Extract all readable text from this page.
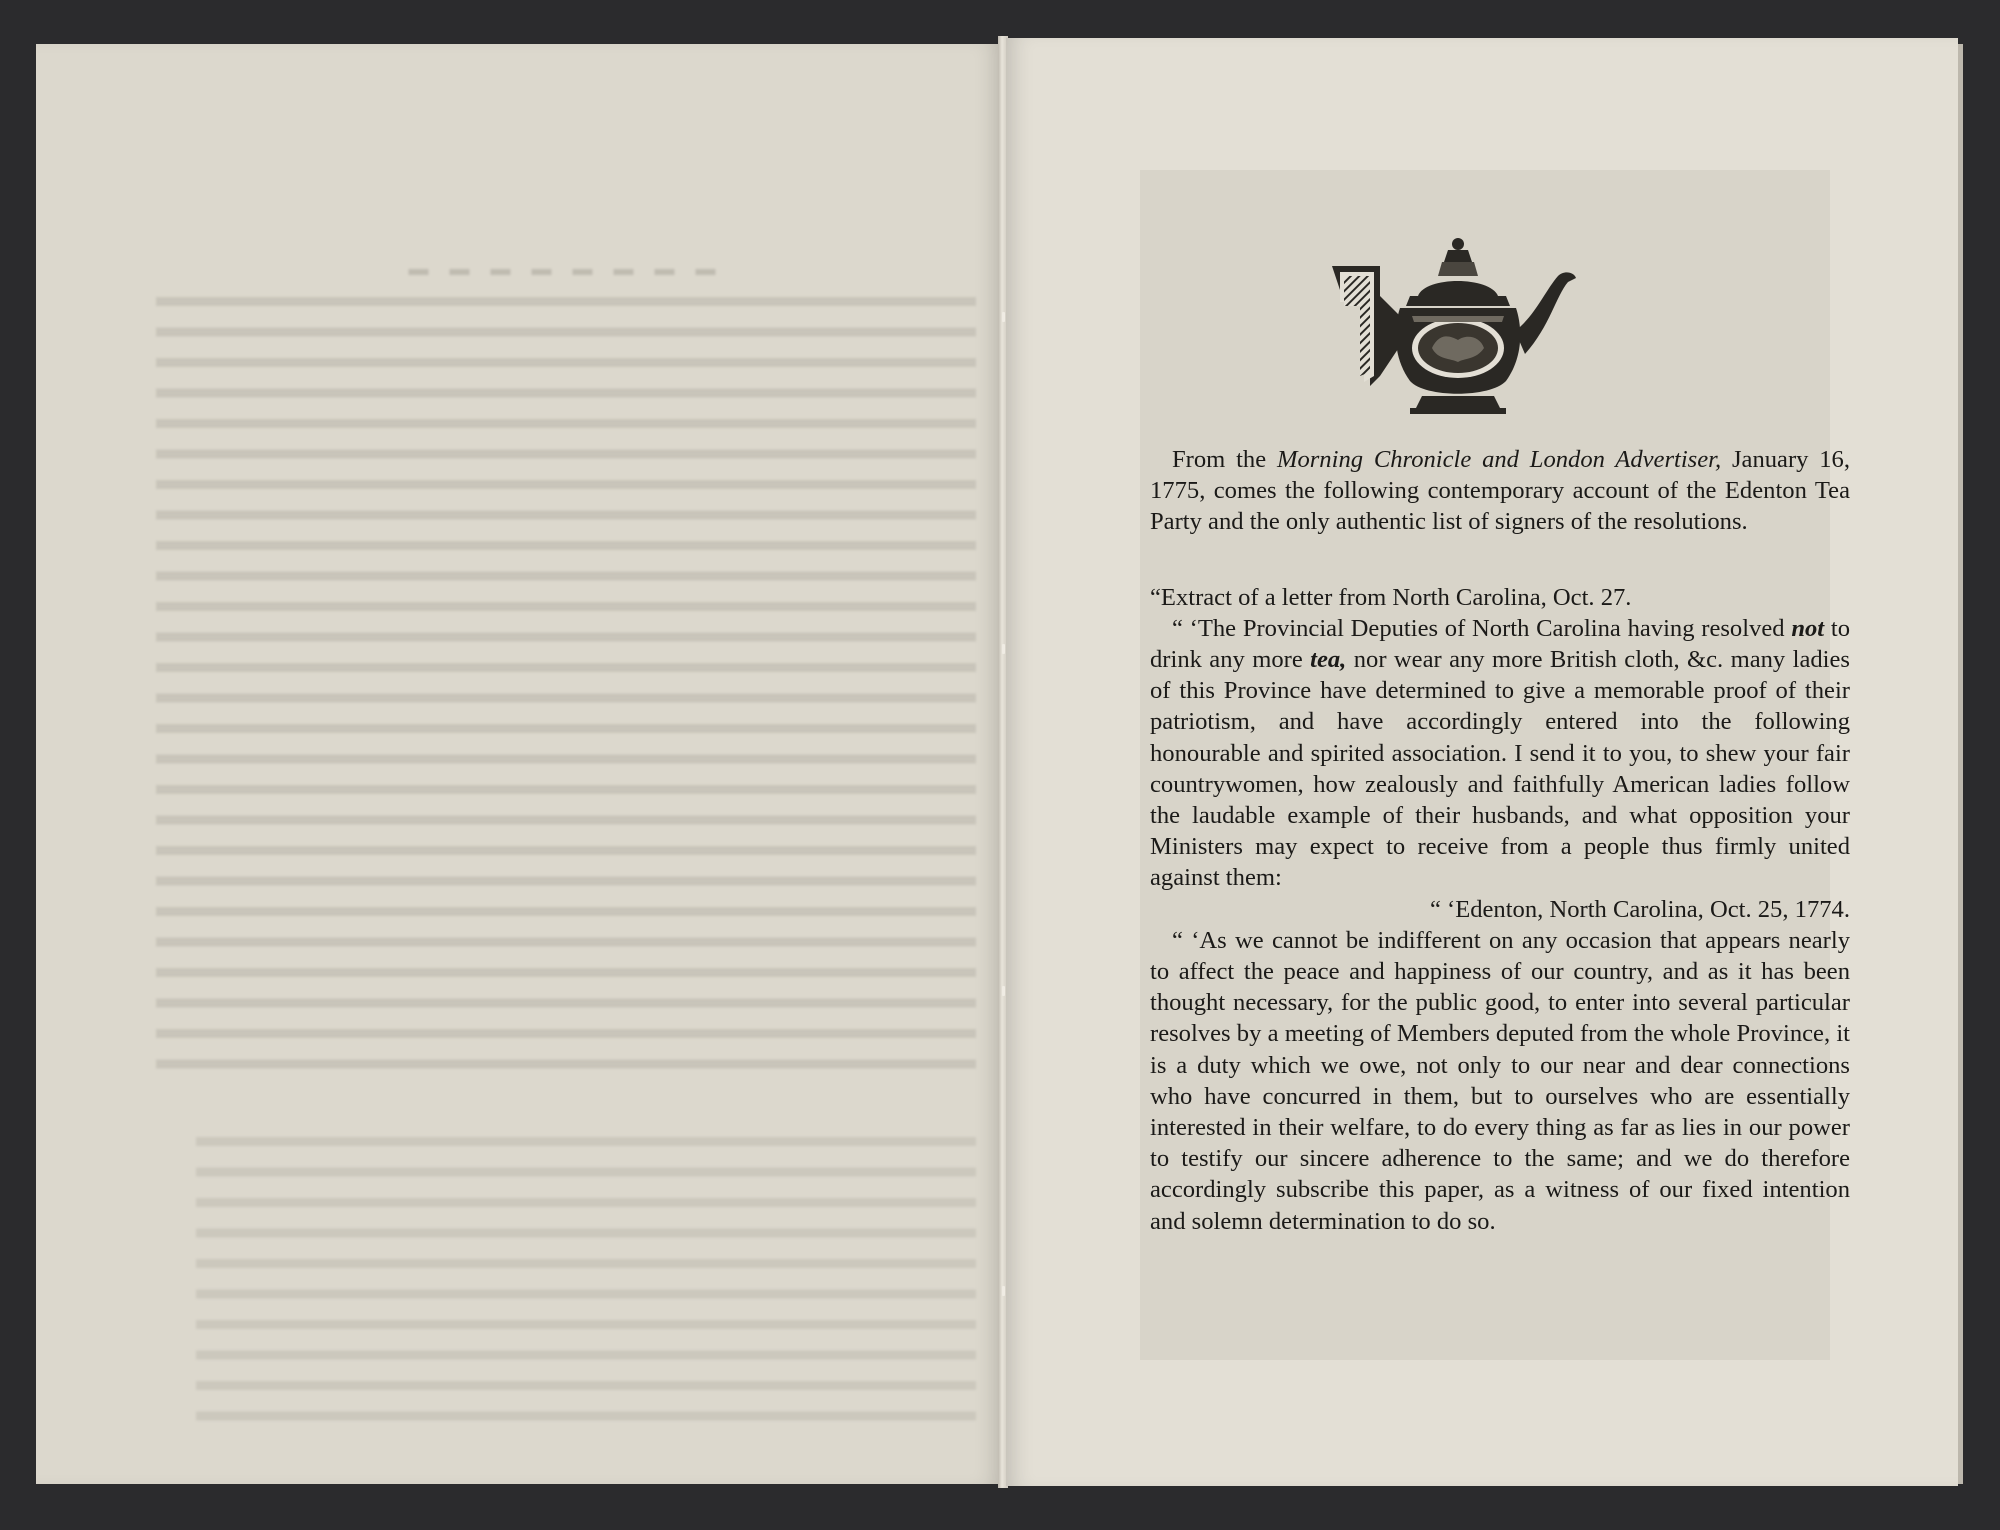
▬ ▬ ▬ ▬ ▬ ▬ ▬ ▬

From the Morning Chronicle and London Advertiser, January 16, 1775, comes the following contemporary account of the Edenton Tea Party and the only authentic list of signers of the resolutions.

“Extract of a letter from North Carolina, Oct. 27.

“ ‘The Provincial Deputies of North Carolina having resolved not to drink any more tea, nor wear any more British cloth, &c. many ladies of this Province have determined to give a memorable proof of their patriotism, and have accordingly entered into the following honourable and spirited association. I send it to you, to shew your fair countrywomen, how zealously and faithfully American ladies follow the laudable example of their husbands, and what opposition your Ministers may expect to receive from a people thus firmly united against them:

“ ‘Edenton, North Carolina, Oct. 25, 1774.

“ ‘As we cannot be indifferent on any occasion that appears nearly to affect the peace and happiness of our country, and as it has been thought necessary, for the public good, to enter into several particular resolves by a meeting of Members deputed from the whole Province, it is a duty which we owe, not only to our near and dear connections who have concurred in them, but to ourselves who are essentially interested in their welfare, to do every thing as far as lies in our power to testify our sincere adherence to the same; and we do therefore accordingly subscribe this paper, as a witness of our fixed intention and solemn determination to do so.
